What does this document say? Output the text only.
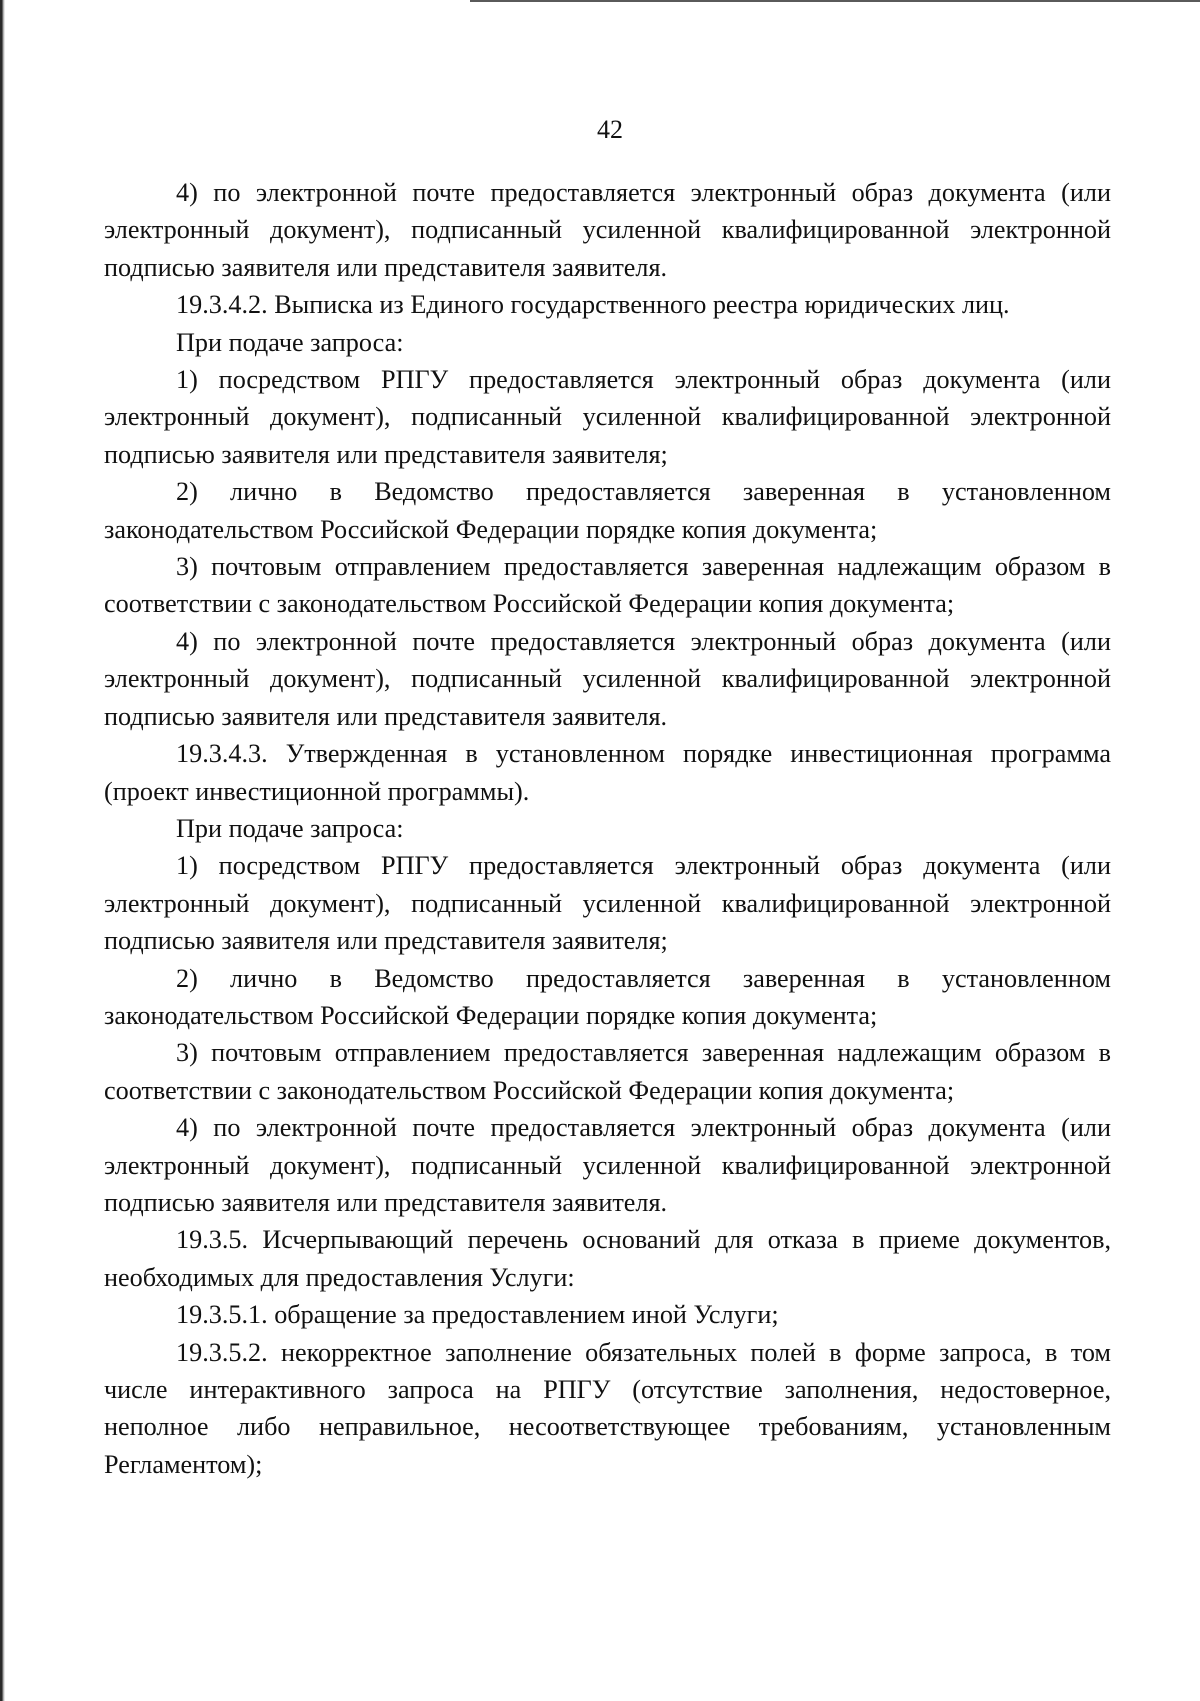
42

4) по электронной почте предоставляется электронный образ документа (или электронный документ), подписанный усиленной квалифицированной электронной подписью заявителя или представителя заявителя.

19.3.4.2. Выписка из Единого государственного реестра юридических лиц.

При подаче запроса:

1) посредством РПГУ предоставляется электронный образ документа (или электронный документ), подписанный усиленной квалифицированной электронной подписью заявителя или представителя заявителя;

2) лично в Ведомство предоставляется заверенная в установленном законодательством Российской Федерации порядке копия документа;

3) почтовым отправлением предоставляется заверенная надлежащим образом в соответствии с законодательством Российской Федерации копия документа;

4) по электронной почте предоставляется электронный образ документа (или электронный документ), подписанный усиленной квалифицированной электронной подписью заявителя или представителя заявителя.

19.3.4.3. Утвержденная в установленном порядке инвестиционная программа (проект инвестиционной программы).

При подаче запроса:

1) посредством РПГУ предоставляется электронный образ документа (или электронный документ), подписанный усиленной квалифицированной электронной подписью заявителя или представителя заявителя;

2) лично в Ведомство предоставляется заверенная в установленном законодательством Российской Федерации порядке копия документа;

3) почтовым отправлением предоставляется заверенная надлежащим образом в соответствии с законодательством Российской Федерации копия документа;

4) по электронной почте предоставляется электронный образ документа (или электронный документ), подписанный усиленной квалифицированной электронной подписью заявителя или представителя заявителя.

19.3.5. Исчерпывающий перечень оснований для отказа в приеме документов, необходимых для предоставления Услуги:

19.3.5.1. обращение за предоставлением иной Услуги;

19.3.5.2. некорректное заполнение обязательных полей в форме запроса, в том числе интерактивного запроса на РПГУ (отсутствие заполнения, недостоверное, неполное либо неправильное, несоответствующее требованиям, установленным Регламентом);
